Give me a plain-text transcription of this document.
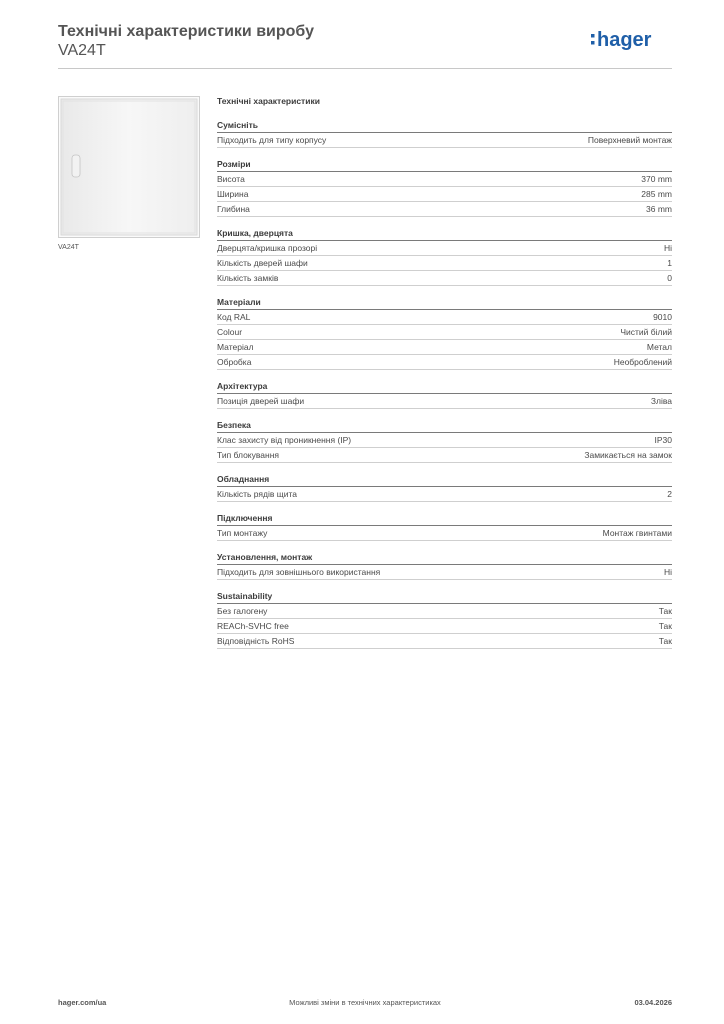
Технічні характеристики виробу
VA24T	hager
VA24T
Технічні характеристики
Сумісніть
Підходить для типу корпусу	Поверхневий монтаж
Розміри
Висота	370 mm
Ширина	285 mm
Глибина	36 mm
Кришка, дверцята
Дверцята/кришка прозорі	Ні
Кількість дверей шафи	1
Кількість замків	0
Матеріали
Код RAL	9010
Colour	Чистий білий
Матеріал	Метал
Обробка	Необроблений
Архітектура
Позиція дверей шафи	Зліва
Безпека
Клас захисту від проникнення (IP)	IP30
Тип блокування	Замикається на замок
Обладнання
Кількість рядів щита	2
Підключення
Тип монтажу	Монтаж гвинтами
Установлення, монтаж
Підходить для зовнішнього використання	Ні
Sustainability
Без галогену	Так
REACh-SVHC free	Так
Відповідність RoHS	Так
hager.com/ua	Можливі зміни в технічних характеристиках	03.04.2026
